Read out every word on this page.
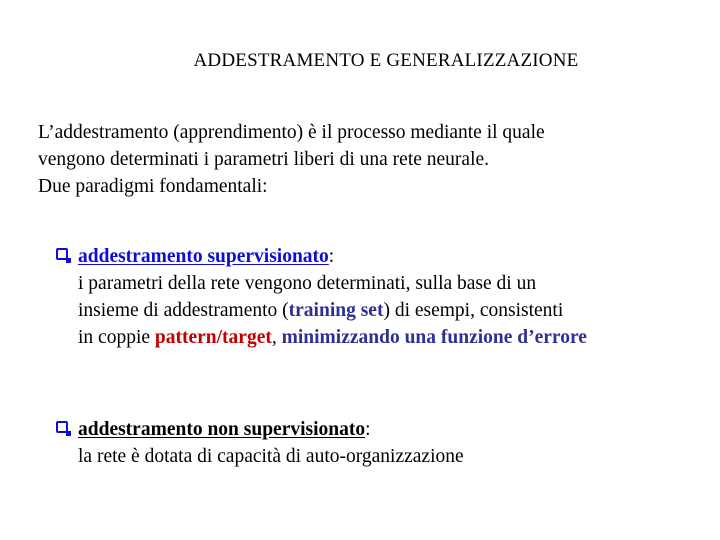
ADDESTRAMENTO E GENERALIZZAZIONE
L’addestramento (apprendimento) è il processo mediante il quale
vengono determinati i parametri liberi di una rete neurale.
Due paradigmi fondamentali:
addestramento supervisionato:
i parametri della rete vengono determinati, sulla base di un
insieme di addestramento (training set) di esempi, consistenti
in coppie pattern/target, minimizzando una funzione d’errore
addestramento non supervisionato:
la rete è dotata di capacità di auto-organizzazione
